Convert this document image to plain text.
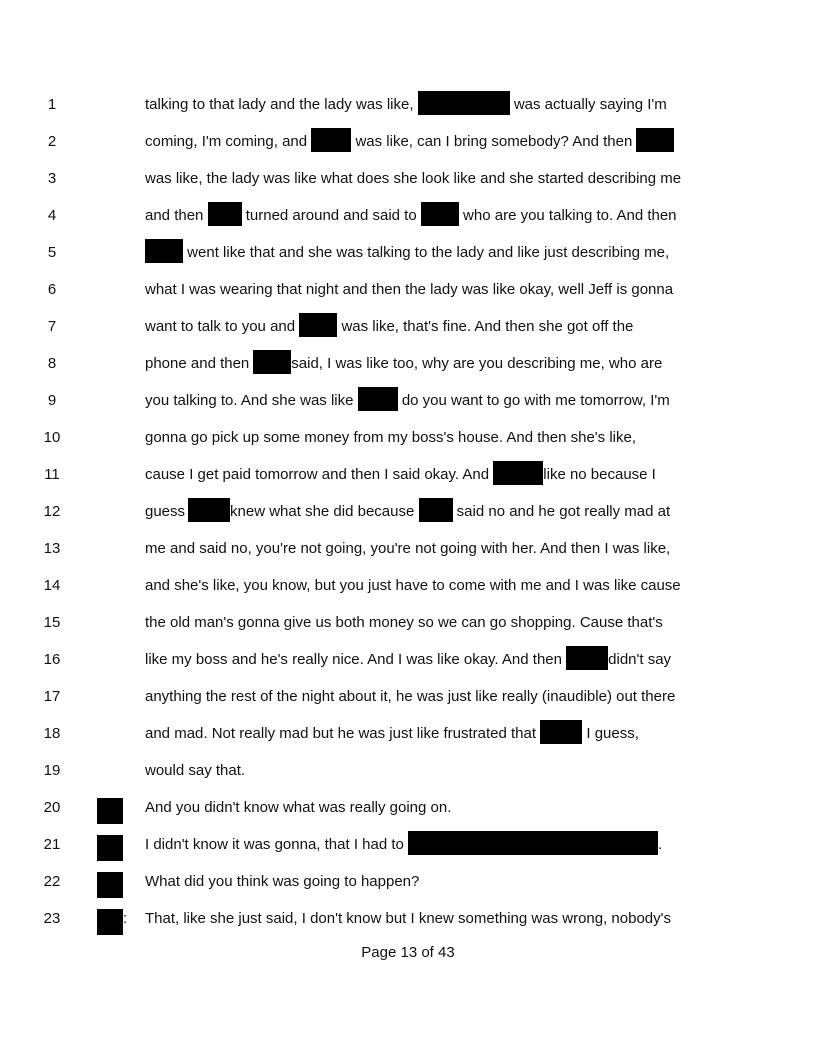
1	talking to that lady and the lady was like,	was actually saying I'm
2	coming, I'm coming, and	was like, can I bring somebody? And then
3	was like, the lady was like what does she look like and she started describing me
4	and then	turned around and said to	who are you talking to. And then
5	went like that and she was talking to the lady and like just describing me,
6	what I was wearing that night and then the lady was like okay, well Jeff is gonna
7	want to talk to you and	was like, that's fine. And then she got off the
8	phone and then	said, I was like too, why are you describing me, who are
9	you talking to. And she was like	do you want to go with me tomorrow, I'm
10	gonna go pick up some money from my boss's house. And then she's like,
11	cause I get paid tomorrow and then I said okay. And	like no because I
12	guess	knew what she did because	said no and he got really mad at
13	me and said no, you're not going, you're not going with her. And then I was like,
14	and she's like, you know, but you just have to come with me and I was like cause
15	the old man's gonna give us both money so we can go shopping. Cause that's
16	like my boss and he's really nice. And I was like okay. And then	didn't say
17	anything the rest of the night about it, he was just like really (inaudible) out there
18	and mad. Not really mad but he was just like frustrated that	I guess,
19	would say that.
20	And you didn't know what was really going on.
21	I didn't know it was gonna, that I had to	.
22	What did you think was going to happen?
23	: That, like she just said, I don't know but I knew something was wrong, nobody's
Page 13 of 43
